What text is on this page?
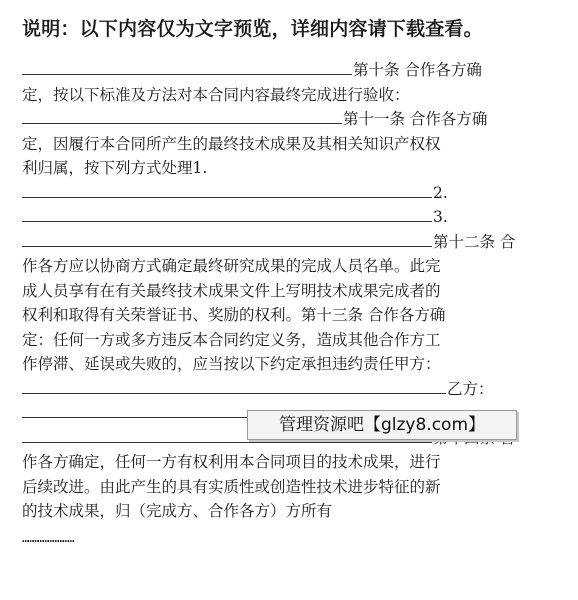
说明：以下内容仅为文字预览，详细内容请下载查看。
第十条 合作各方确
定，按以下标准及方法对本合同内容最终完成进行验收：
第十一条 合作各方确
定，因履行本合同所产生的最终技术成果及其相关知识产权权
利归属，按下列方式处理1.
2.
3.
第十二条 合
作各方应以协商方式确定最终研究成果的完成人员名单。此完
成人员享有在有关最终技术成果文件上写明技术成果完成者的
权利和取得有关荣誉证书、奖励的权利。第十三条 合作各方确
定：任何一方或多方违反本合同约定义务，造成其他合作方工
作停滞、延误或失败的，应当按以下约定承担违约责任甲方：
乙方：
作各方确定，任何一方有权利用本合同项目的技术成果，进行
后续改进。由此产生的具有实质性或创造性技术进步特征的新
的技术成果，归（完成方、合作各方）方所有
…………………………
管理资源吧【glzy8.com】
